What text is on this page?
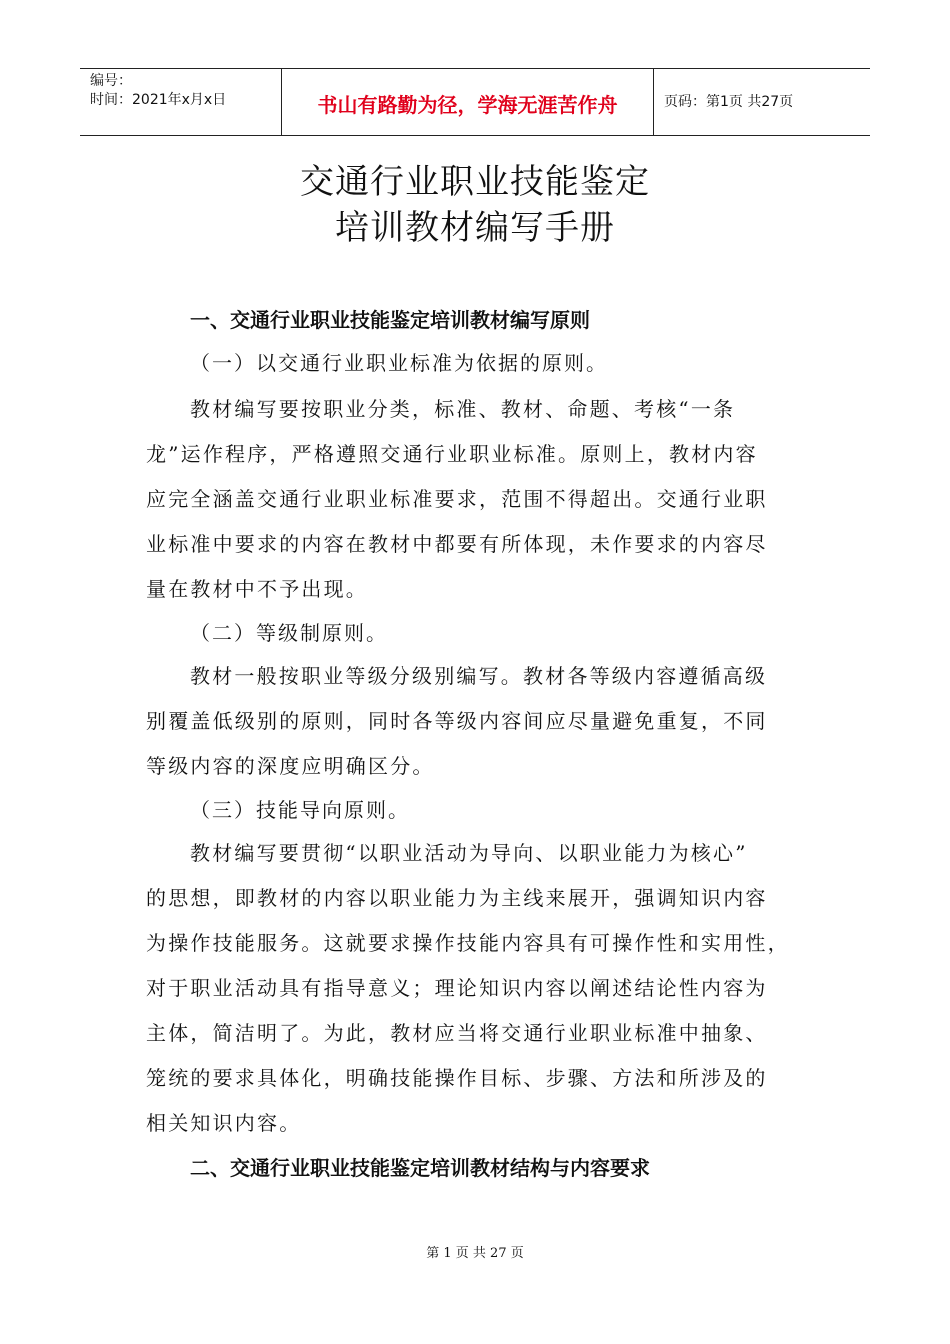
编号：
时间：2021年x月x日	书山有路勤为径，学海无涯苦作舟	页码：第1页 共27页
交通行业职业技能鉴定
培训教材编写手册
一、交通行业职业技能鉴定培训教材编写原则
（一）以交通行业职业标准为依据的原则。
教材编写要按职业分类，标准、教材、命题、考核“一条
龙”运作程序，严格遵照交通行业职业标准。原则上，教材内容
应完全涵盖交通行业职业标准要求，范围不得超出。交通行业职
业标准中要求的内容在教材中都要有所体现，未作要求的内容尽
量在教材中不予出现。
（二）等级制原则。
教材一般按职业等级分级别编写。教材各等级内容遵循高级
别覆盖低级别的原则，同时各等级内容间应尽量避免重复，不同
等级内容的深度应明确区分。
（三）技能导向原则。
教材编写要贯彻“以职业活动为导向、以职业能力为核心”
的思想，即教材的内容以职业能力为主线来展开，强调知识内容
为操作技能服务。这就要求操作技能内容具有可操作性和实用性，
对于职业活动具有指导意义；理论知识内容以阐述结论性内容为
主体，简洁明了。为此，教材应当将交通行业职业标准中抽象、
笼统的要求具体化，明确技能操作目标、步骤、方法和所涉及的
相关知识内容。
二、交通行业职业技能鉴定培训教材结构与内容要求
第 1 页 共 27 页
